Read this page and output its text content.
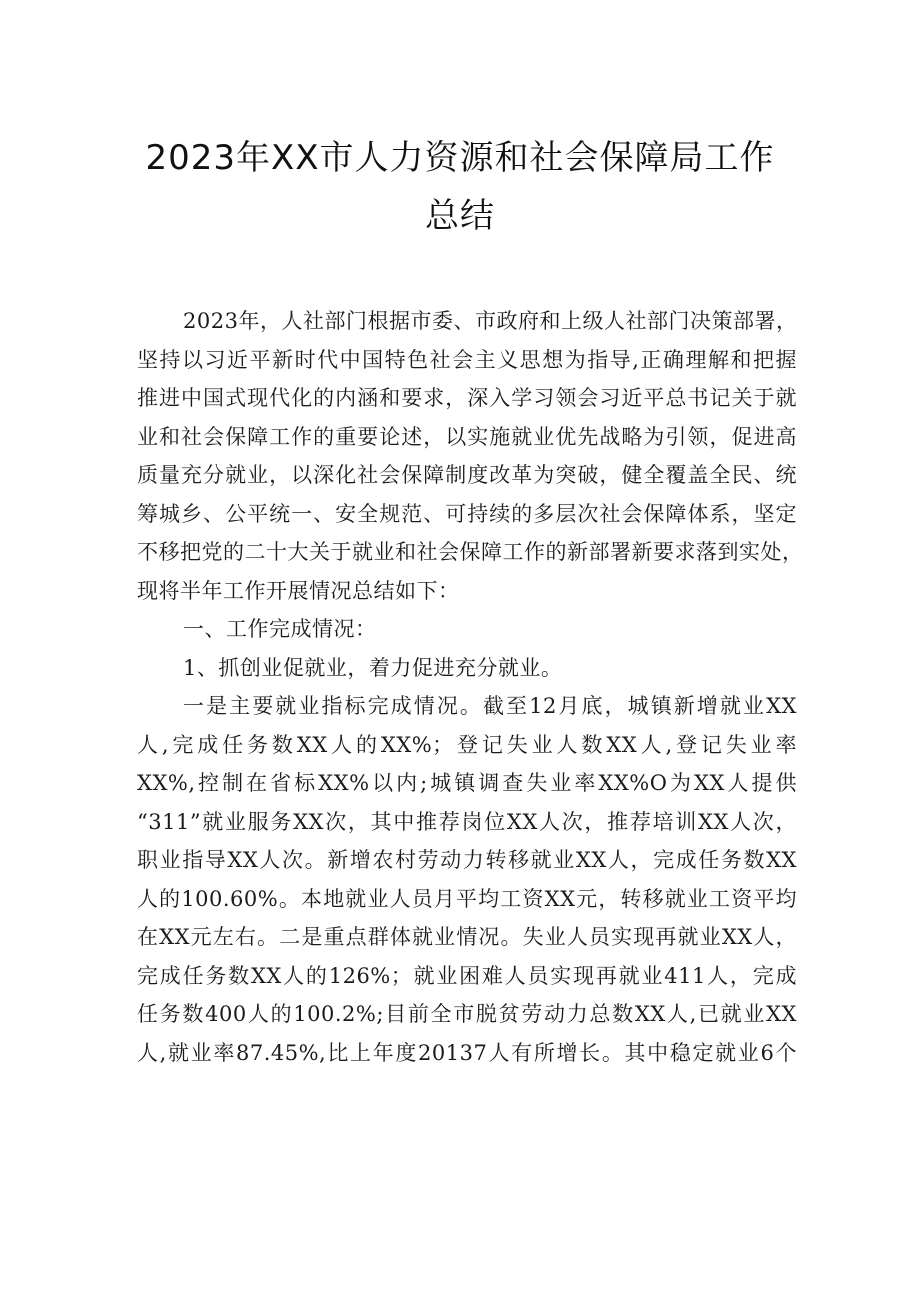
2023年XX市人力资源和社会保障局工作
总结
2023年，人社部门根据市委、市政府和上级人社部门决策部署，
坚持以习近平新时代中国特色社会主义思想为指导,正确理解和把握
推进中国式现代化的内涵和要求，深入学习领会习近平总书记关于就
业和社会保障工作的重要论述，以实施就业优先战略为引领，促进高
质量充分就业，以深化社会保障制度改革为突破，健全覆盖全民、统
筹城乡、公平统一、安全规范、可持续的多层次社会保障体系，坚定
不移把党的二十大关于就业和社会保障工作的新部署新要求落到实处，
现将半年工作开展情况总结如下：
一、工作完成情况：
1、抓创业促就业，着力促进充分就业。
一是主要就业指标完成情况。截至12月底，城镇新增就业XX
人,完成任务数XX人的XX%；登记失业人数XX人,登记失业率
XX%,控制在省标XX%以内;城镇调查失业率XX%O为XX人提供
“311”就业服务XX次，其中推荐岗位XX人次，推荐培训XX人次，
职业指导XX人次。新增农村劳动力转移就业XX人，完成任务数XX
人的100.60%。本地就业人员月平均工资XX元，转移就业工资平均
在XX元左右。二是重点群体就业情况。失业人员实现再就业XX人，
完成任务数XX人的126%；就业困难人员实现再就业411人，完成
任务数400人的100.2%;目前全市脱贫劳动力总数XX人,已就业XX
人,就业率87.45%,比上年度20137人有所增长。其中稳定就业6个
